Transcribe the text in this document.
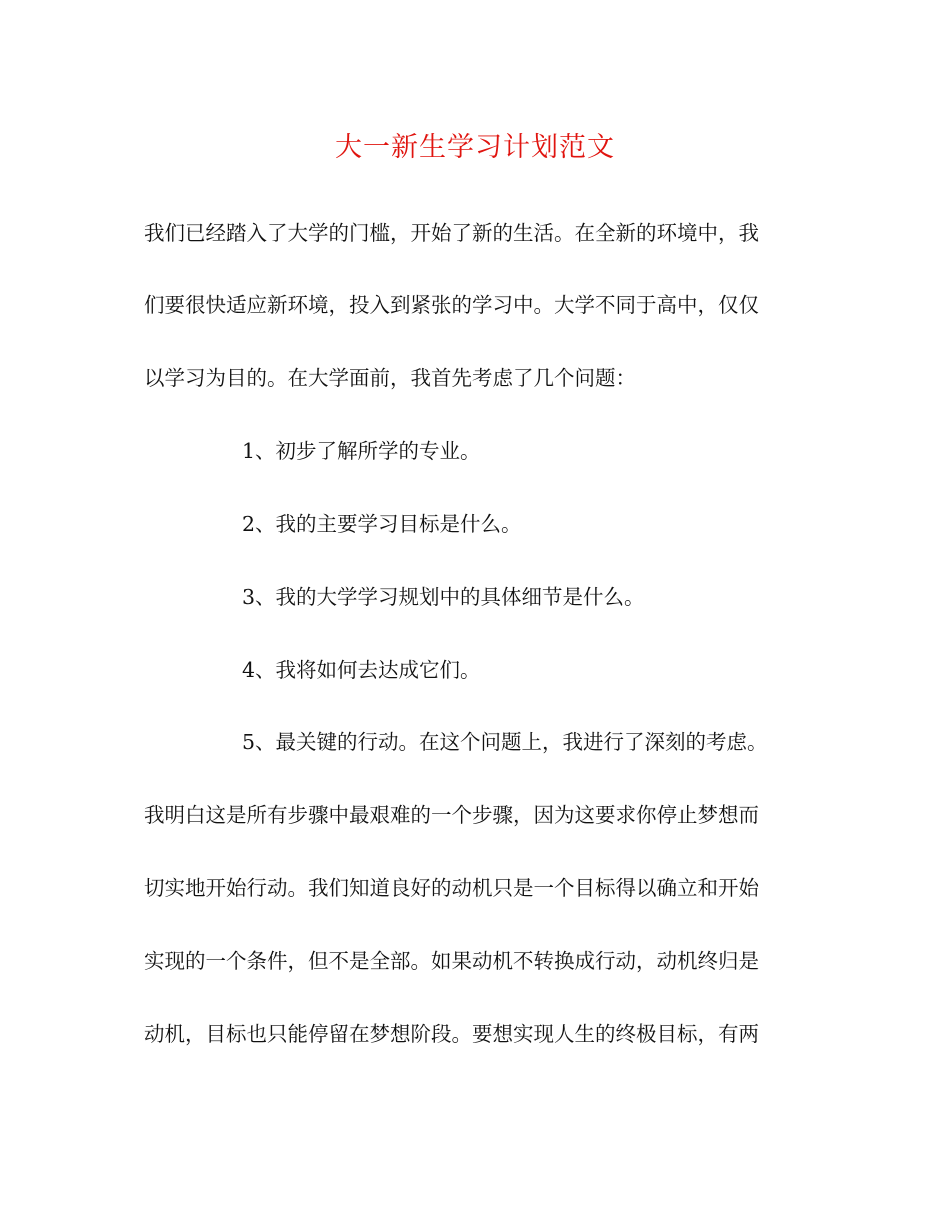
大一新生学习计划范文

我们已经踏入了大学的门槛，开始了新的生活。在全新的环境中，我

们要很快适应新环境，投入到紧张的学习中。大学不同于高中，仅仅

以学习为目的。在大学面前，我首先考虑了几个问题：

1、初步了解所学的专业。

2、我的主要学习目标是什么。

3、我的大学学习规划中的具体细节是什么。

4、我将如何去达成它们。

5、最关键的行动。在这个问题上，我进行了深刻的考虑。

我明白这是所有步骤中最艰难的一个步骤，因为这要求你停止梦想而

切实地开始行动。我们知道良好的动机只是一个目标得以确立和开始

实现的一个条件，但不是全部。如果动机不转换成行动，动机终归是

动机，目标也只能停留在梦想阶段。要想实现人生的终极目标，有两
